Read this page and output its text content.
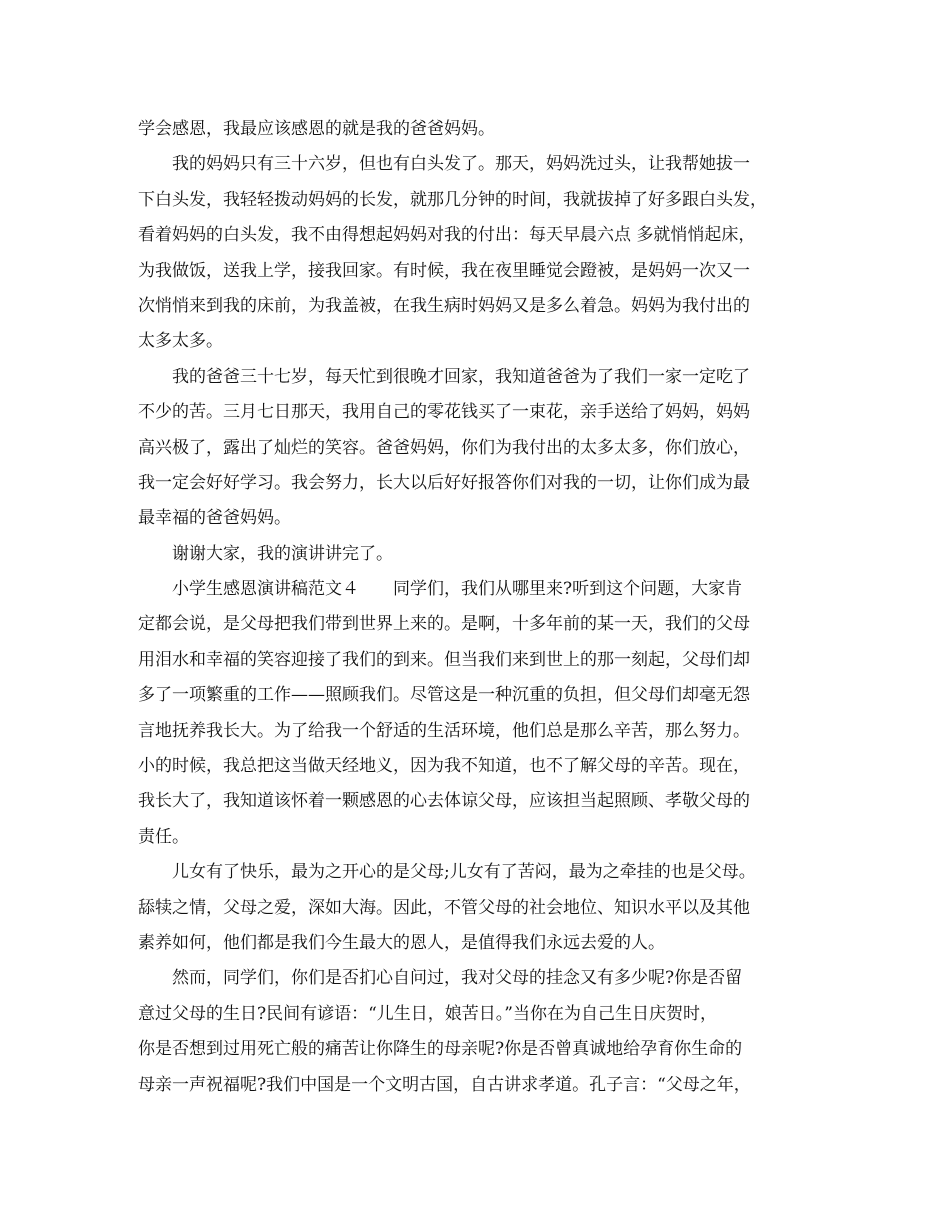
学会感恩，我最应该感恩的就是我的爸爸妈妈。
我的妈妈只有三十六岁，但也有白头发了。那天，妈妈洗过头，让我帮她拔一
下白头发，我轻轻拨动妈妈的长发，就那几分钟的时间，我就拔掉了好多跟白头发，
看着妈妈的白头发，我不由得想起妈妈对我的付出：每天早晨六点 多就悄悄起床，
为我做饭，送我上学，接我回家。有时候，我在夜里睡觉会蹬被，是妈妈一次又一
次悄悄来到我的床前，为我盖被，在我生病时妈妈又是多么着急。妈妈为我付出的
太多太多。
我的爸爸三十七岁，每天忙到很晚才回家，我知道爸爸为了我们一家一定吃了
不少的苦。三月七日那天，我用自己的零花钱买了一束花，亲手送给了妈妈，妈妈
高兴极了，露出了灿烂的笑容。爸爸妈妈，你们为我付出的太多太多，你们放心，
我一定会好好学习。我会努力，长大以后好好报答你们对我的一切，让你们成为最
最幸福的爸爸妈妈。
谢谢大家，我的演讲讲完了。
小学生感恩演讲稿范文４　　同学们，我们从哪里来?听到这个问题，大家肯
定都会说，是父母把我们带到世界上来的。是啊，十多年前的某一天，我们的父母
用泪水和幸福的笑容迎接了我们的到来。但当我们来到世上的那一刻起，父母们却
多了一项繁重的工作——照顾我们。尽管这是一种沉重的负担，但父母们却毫无怨
言地抚养我长大。为了给我一个舒适的生活环境，他们总是那么辛苦，那么努力。
小的时候，我总把这当做天经地义，因为我不知道，也不了解父母的辛苦。现在，
我长大了，我知道该怀着一颗感恩的心去体谅父母，应该担当起照顾、孝敬父母的
责任。
儿女有了快乐，最为之开心的是父母;儿女有了苦闷，最为之牵挂的也是父母。
舔犊之情，父母之爱，深如大海。因此，不管父母的社会地位、知识水平以及其他
素养如何，他们都是我们今生最大的恩人，是值得我们永远去爱的人。
然而，同学们，你们是否扪心自问过，我对父母的挂念又有多少呢?你是否留
意过父母的生日?民间有谚语：“儿生日，娘苦日。”当你在为自己生日庆贺时，
你是否想到过用死亡般的痛苦让你降生的母亲呢?你是否曾真诚地给孕育你生命的
母亲一声祝福呢?我们中国是一个文明古国，自古讲求孝道。孔子言：“父母之年，
